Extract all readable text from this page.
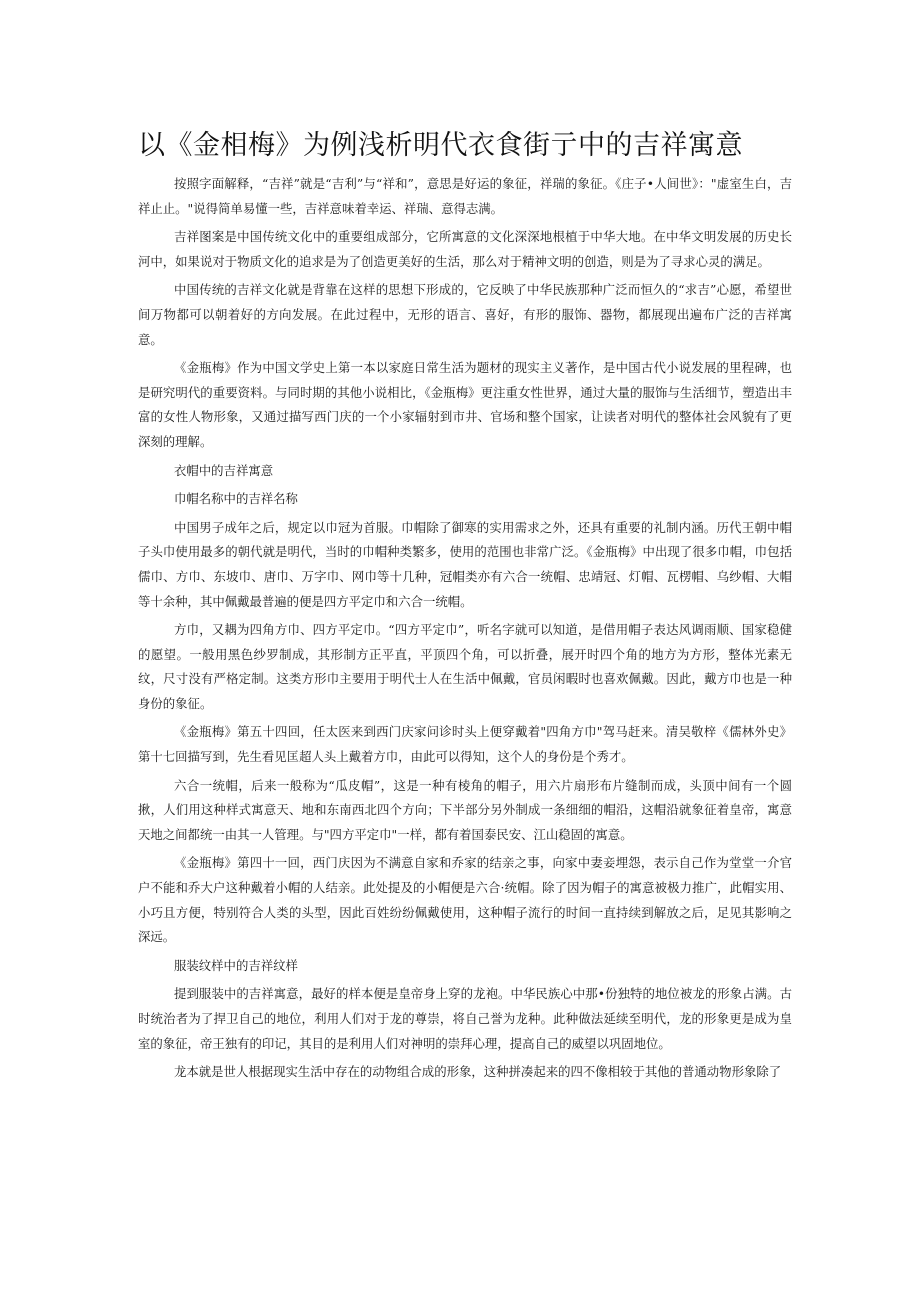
以《金相梅》为例浅析明代衣食街亍中的吉祥寓意

按照字面解释，“吉祥”就是“吉利”与“祥和”，意思是好运的象征，祥瑞的象征。《庄子•人间世》："虚室生白，吉祥止止。"说得简单易懂一些，吉祥意味着幸运、祥瑞、意得志满。

吉祥图案是中国传统文化中的重要组成部分，它所寓意的文化深深地根植于中华大地。在中华文明发展的历史长河中，如果说对于物质文化的追求是为了创造更美好的生活，那么对于精神文明的创造，则是为了寻求心灵的满足。

中国传统的吉祥文化就是背靠在这样的思想下形成的，它反映了中华民族那种广泛而恒久的“求吉”心愿，希望世间万物都可以朝着好的方向发展。在此过程中，无形的语言、喜好，有形的服饰、器物，都展现出遍布广泛的吉祥寓意。

《金瓶梅》作为中国文学史上第一本以家庭日常生活为题材的现实主义著作，是中国古代小说发展的里程碑，也是研究明代的重要资料。与同时期的其他小说相比，《金瓶梅》更注重女性世界，通过大量的服饰与生活细节，塑造出丰富的女性人物形象，又通过描写西门庆的一个小家辐射到市井、官场和整个国家，让读者对明代的整体社会风貌有了更深刻的理解。

衣帽中的吉祥寓意

巾帽名称中的吉祥名称

中国男子成年之后，规定以巾冠为首服。巾帽除了御寒的实用需求之外，还具有重要的礼制内涵。历代王朝中帽子头巾使用最多的朝代就是明代，当时的巾帽种类繁多，使用的范围也非常广泛。《金瓶梅》中出现了很多巾帽，巾包括儒巾、方巾、东坡巾、唐巾、万字巾、网巾等十几种，冠帽类亦有六合一统帽、忠靖冠、灯帽、瓦楞帽、乌纱帽、大帽等十余种，其中佩戴最普遍的便是四方平定巾和六合一统帽。

方巾，又耦为四角方巾、四方平定巾。“四方平定巾”，听名字就可以知道，是借用帽子表达风调雨顺、国家稳健的愿望。一般用黑色纱罗制成，其形制方正平直，平顶四个角，可以折叠，展开时四个角的地方为方形，整体光素无纹，尺寸没有严格定制。这类方形巾主要用于明代士人在生活中佩戴，官员闲暇时也喜欢佩戴。因此，戴方巾也是一种身份的象征。

《金瓶梅》第五十四回，任太医来到西门庆家问诊时头上便穿戴着"四角方巾"驾马赶来。清吴敬梓《儒林外史》第十七回描写到，先生看见匡超人头上戴着方巾，由此可以得知，这个人的身份是个秀才。

六合一统帽，后来一般称为“瓜皮帽”，这是一种有棱角的帽子，用六片扇形布片缝制而成，头顶中间有一个圆揪，人们用这种样式寓意天、地和东南西北四个方向；下半部分另外制成一条细细的帽沿，这帽沿就象征着皇帝，寓意天地之间都统一由其一人管理。与"四方平定巾"一样，都有着国泰民安、江山稳固的寓意。

《金瓶梅》第四十一回，西门庆因为不满意自家和乔家的结亲之事，向家中妻妾埋怨，表示自己作为堂堂一介官户不能和乔大户这种戴着小帽的人结亲。此处提及的小帽便是六合·统帽。除了因为帽子的寓意被极力推广，此帽实用、小巧且方便，特别符合人类的头型，因此百姓纷纷佩戴使用，这种帽子流行的时间一直持续到解放之后，足见其影响之深远。

服装纹样中的吉祥纹样

提到服装中的吉祥寓意，最好的样本便是皇帝身上穿的龙袍。中华民族心中那•份独特的地位被龙的形象占满。古时统治者为了捍卫自己的地位，利用人们对于龙的尊崇，将自己誉为龙种。此种做法延续至明代，龙的形象更是成为皇室的象征，帝王独有的印记，其目的是利用人们对神明的崇拜心理，提高自己的威望以巩固地位。

龙本就是世人根据现实生活中存在的动物组合成的形象，这种拼凑起来的四不像相较于其他的普通动物形象除了
